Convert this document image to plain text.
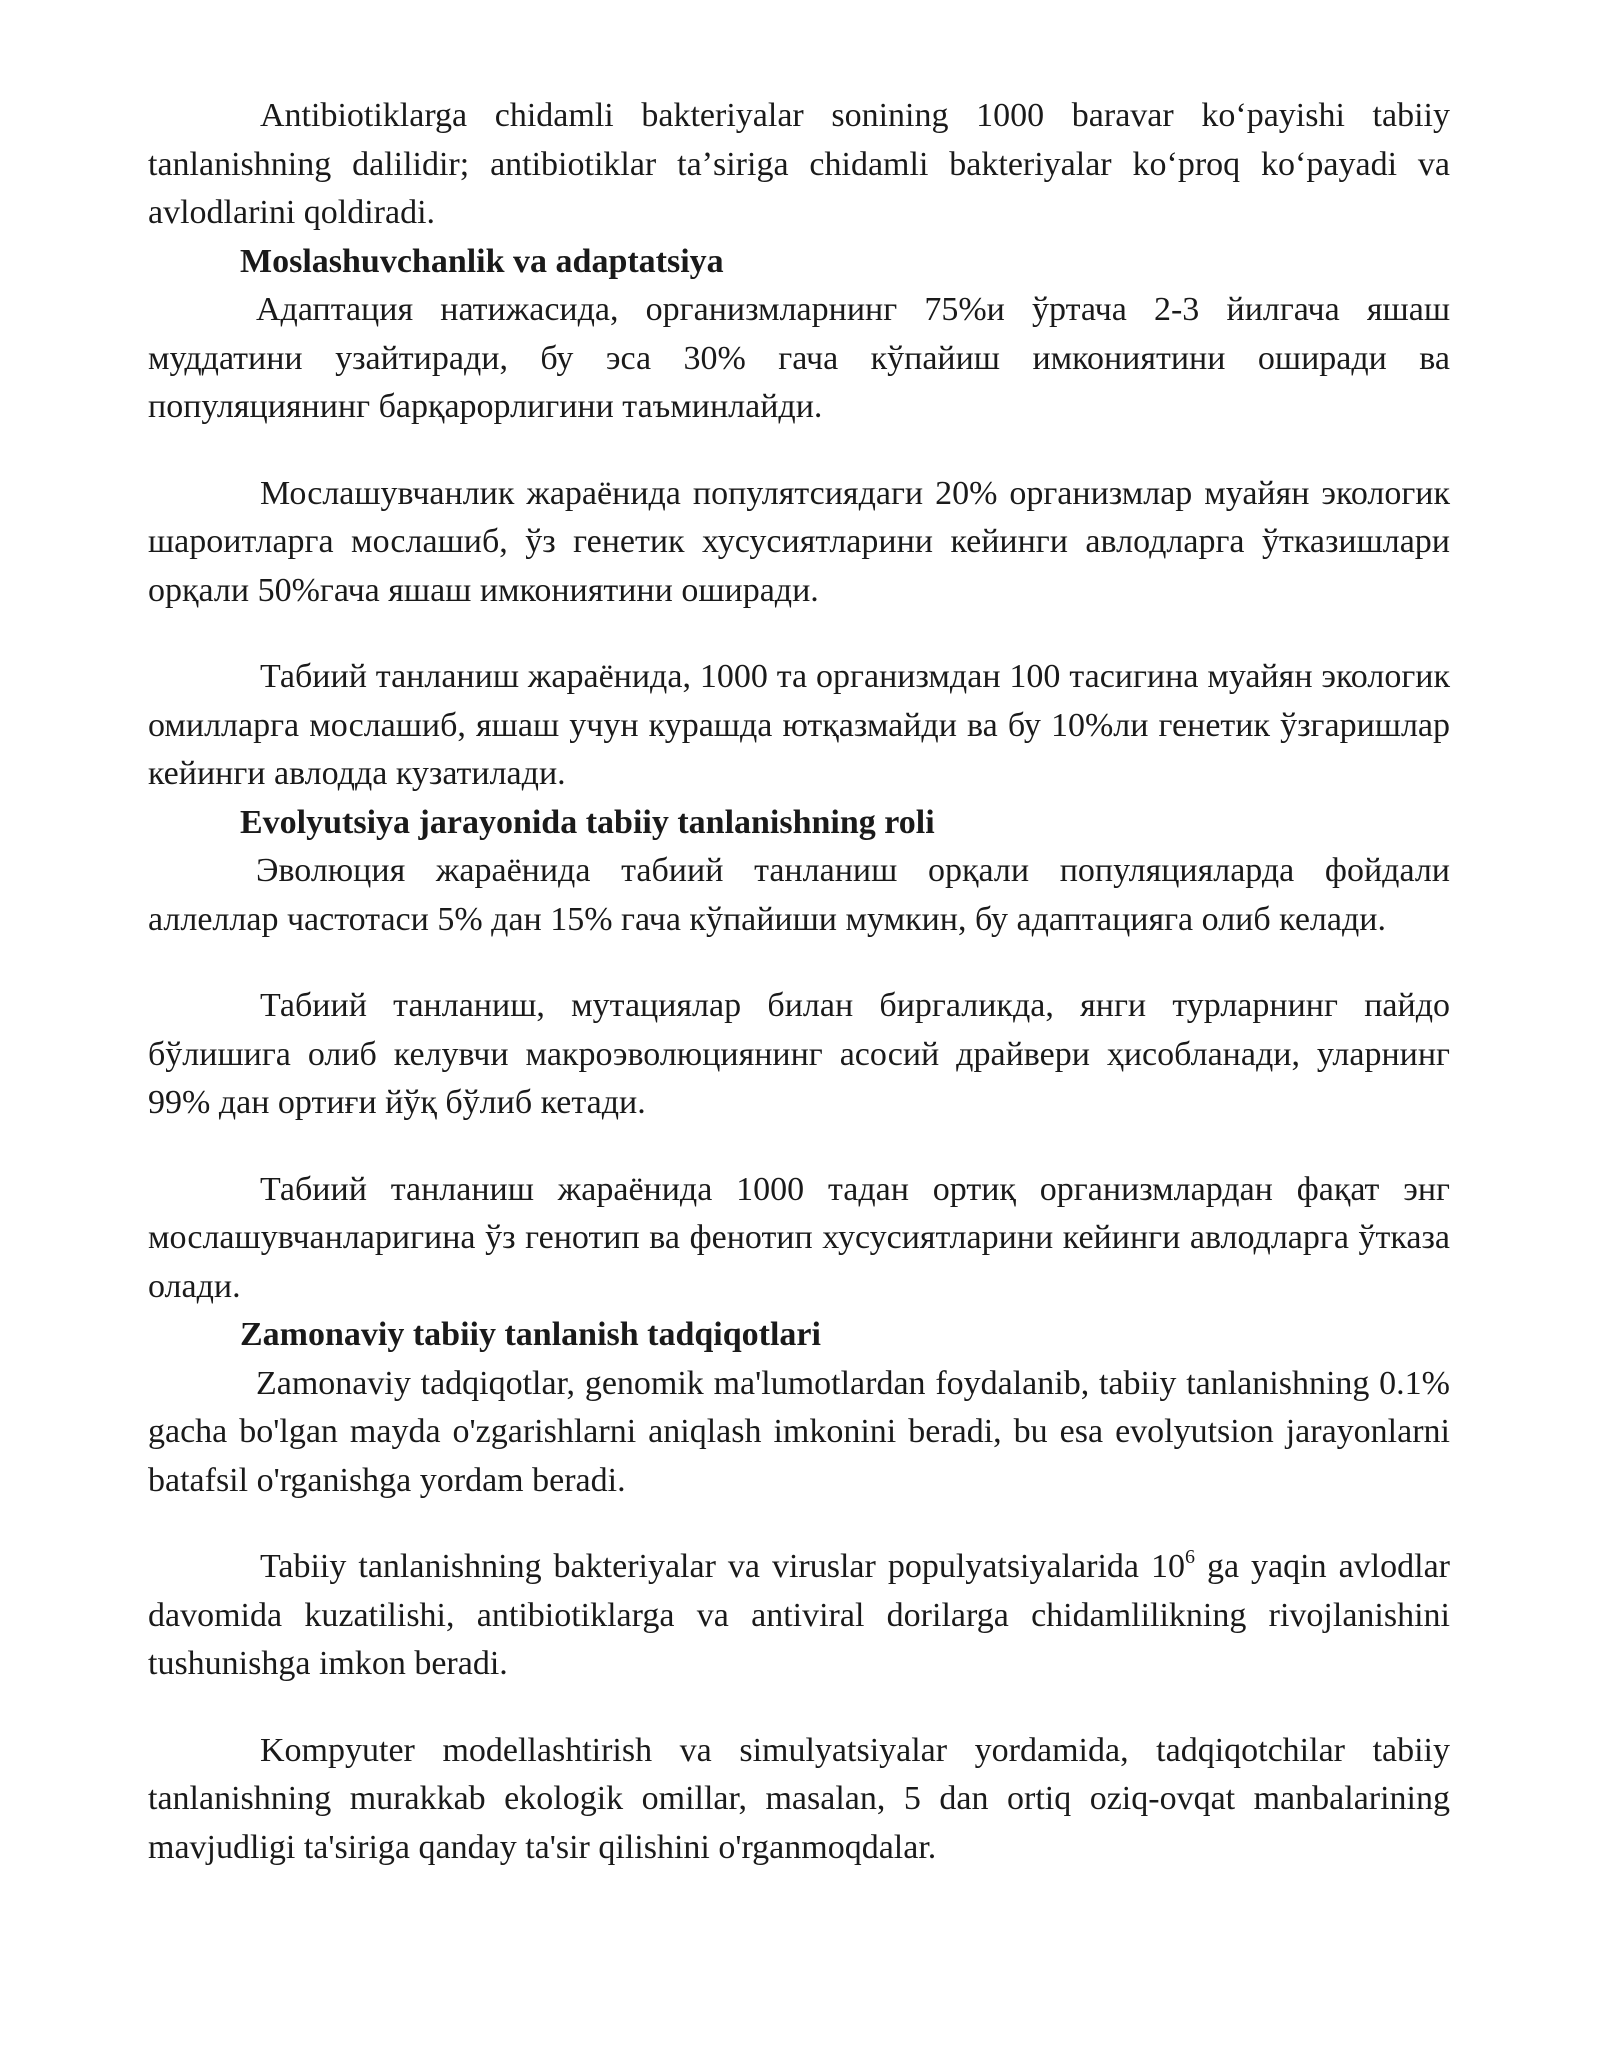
Antibiotiklarga chidamli bakteriyalar sonining 1000 baravar koʻpayishi tabiiy tanlanishning dalilidir; antibiotiklar taʼsiriga chidamli bakteriyalar koʻproq koʻpayadi va avlodlarini qoldiradi.

Moslashuvchanlik va adaptatsiya

Адаптация натижасида, организмларнинг 75%и ўртача 2-3 йилгача яшаш муддатини узайтиради, бу эса 30% гача кўпайиш имкониятини оширади ва популяциянинг барқарорлигини таъминлайди.

Мослашувчанлик жараёнида популятсиядаги 20% организмлар муайян экологик шароитларга мослашиб, ўз генетик хусусиятларини кейинги авлодларга ўтказишлари орқали 50%гача яшаш имкониятини оширади.

Табиий танланиш жараёнида, 1000 та организмдан 100 тасигина муайян экологик омилларга мослашиб, яшаш учун курашда ютқазмайди ва бу 10%ли генетик ўзгаришлар кейинги авлодда кузатилади.

Evolyutsiya jarayonida tabiiy tanlanishning roli

Эволюция жараёнида табиий танланиш орқали популяцияларда фойдали аллеллар частотаси 5% дан 15% гача кўпайиши мумкин, бу адаптацияга олиб келади.

Табиий танланиш, мутациялар билан биргаликда, янги турларнинг пайдо бўлишига олиб келувчи макроэволюциянинг асосий драйвери ҳисобланади, уларнинг 99% дан ортиғи йўқ бўлиб кетади.

Табиий танланиш жараёнида 1000 тадан ортиқ организмлардан фақат энг мослашувчанларигина ўз генотип ва фенотип хусусиятларини кейинги авлодларга ўтказа олади.

Zamonaviy tabiiy tanlanish tadqiqotlari

Zamonaviy tadqiqotlar, genomik ma'lumotlardan foydalanib, tabiiy tanlanishning 0.1% gacha bo'lgan mayda o'zgarishlarni aniqlash imkonini beradi, bu esa evolyutsion jarayonlarni batafsil o'rganishga yordam beradi.

Tabiiy tanlanishning bakteriyalar va viruslar populyatsiyalarida $10^6$ ga yaqin avlodlar davomida kuzatilishi, antibiotiklarga va antiviral dorilarga chidamlilikning rivojlanishini tushunishga imkon beradi.

Kompyuter modellashtirish va simulyatsiyalar yordamida, tadqiqotchilar tabiiy tanlanishning murakkab ekologik omillar, masalan, 5 dan ortiq oziq-ovqat manbalarining mavjudligi ta'siriga qanday ta'sir qilishini o'rganmoqdalar.
